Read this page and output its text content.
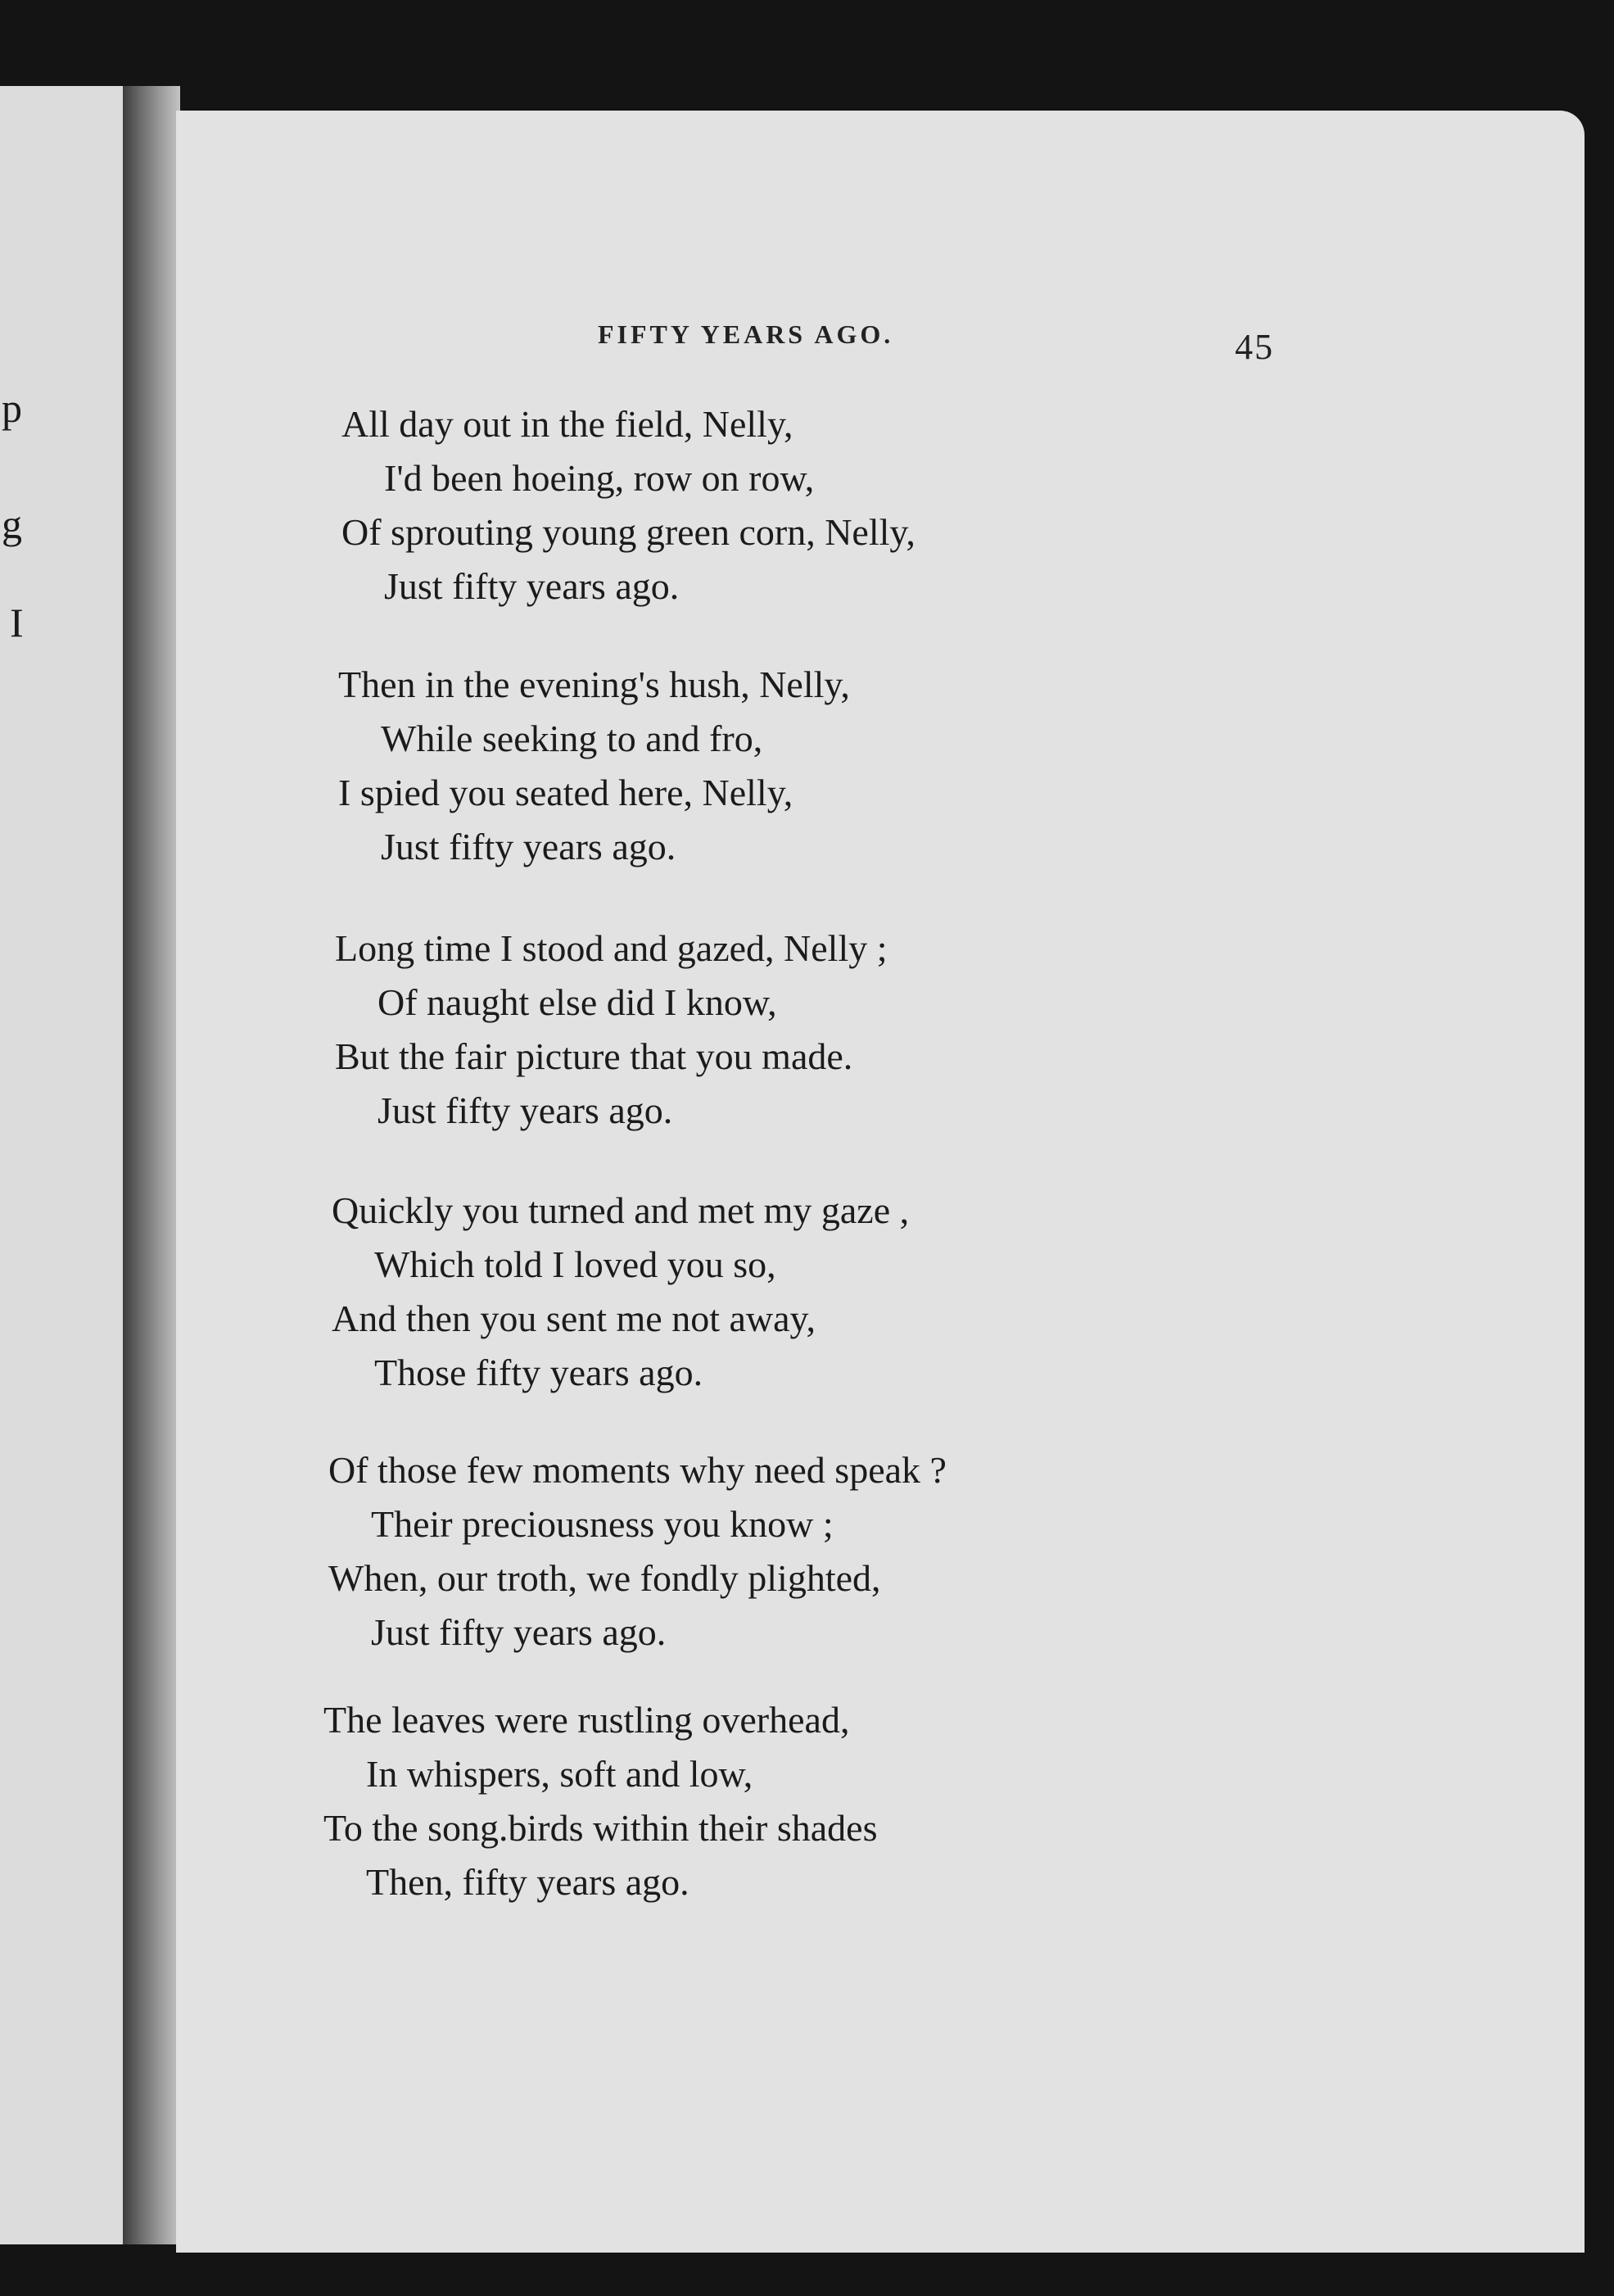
p
g
I
FIFTY YEARS AGO.	45
All day out in the field, Nelly,
I'd been hoeing, row on row,
Of sprouting young green corn, Nelly,
Just fifty years ago.
Then in the evening's hush, Nelly,
While seeking to and fro,
I spied you seated here, Nelly,
Just fifty years ago.
Long time I stood and gazed, Nelly ;
Of naught else did I know,
But the fair picture that you made.
Just fifty years ago.
Quickly you turned and met my gaze ,
Which told I loved you so,
And then you sent me not away,
Those fifty years ago.
Of those few moments why need speak ?
Their preciousness you know ;
When, our troth, we fondly plighted,
Just fifty years ago.
The leaves were rustling overhead,
In whispers, soft and low,
To the song.birds within their shades
Then, fifty years ago.
